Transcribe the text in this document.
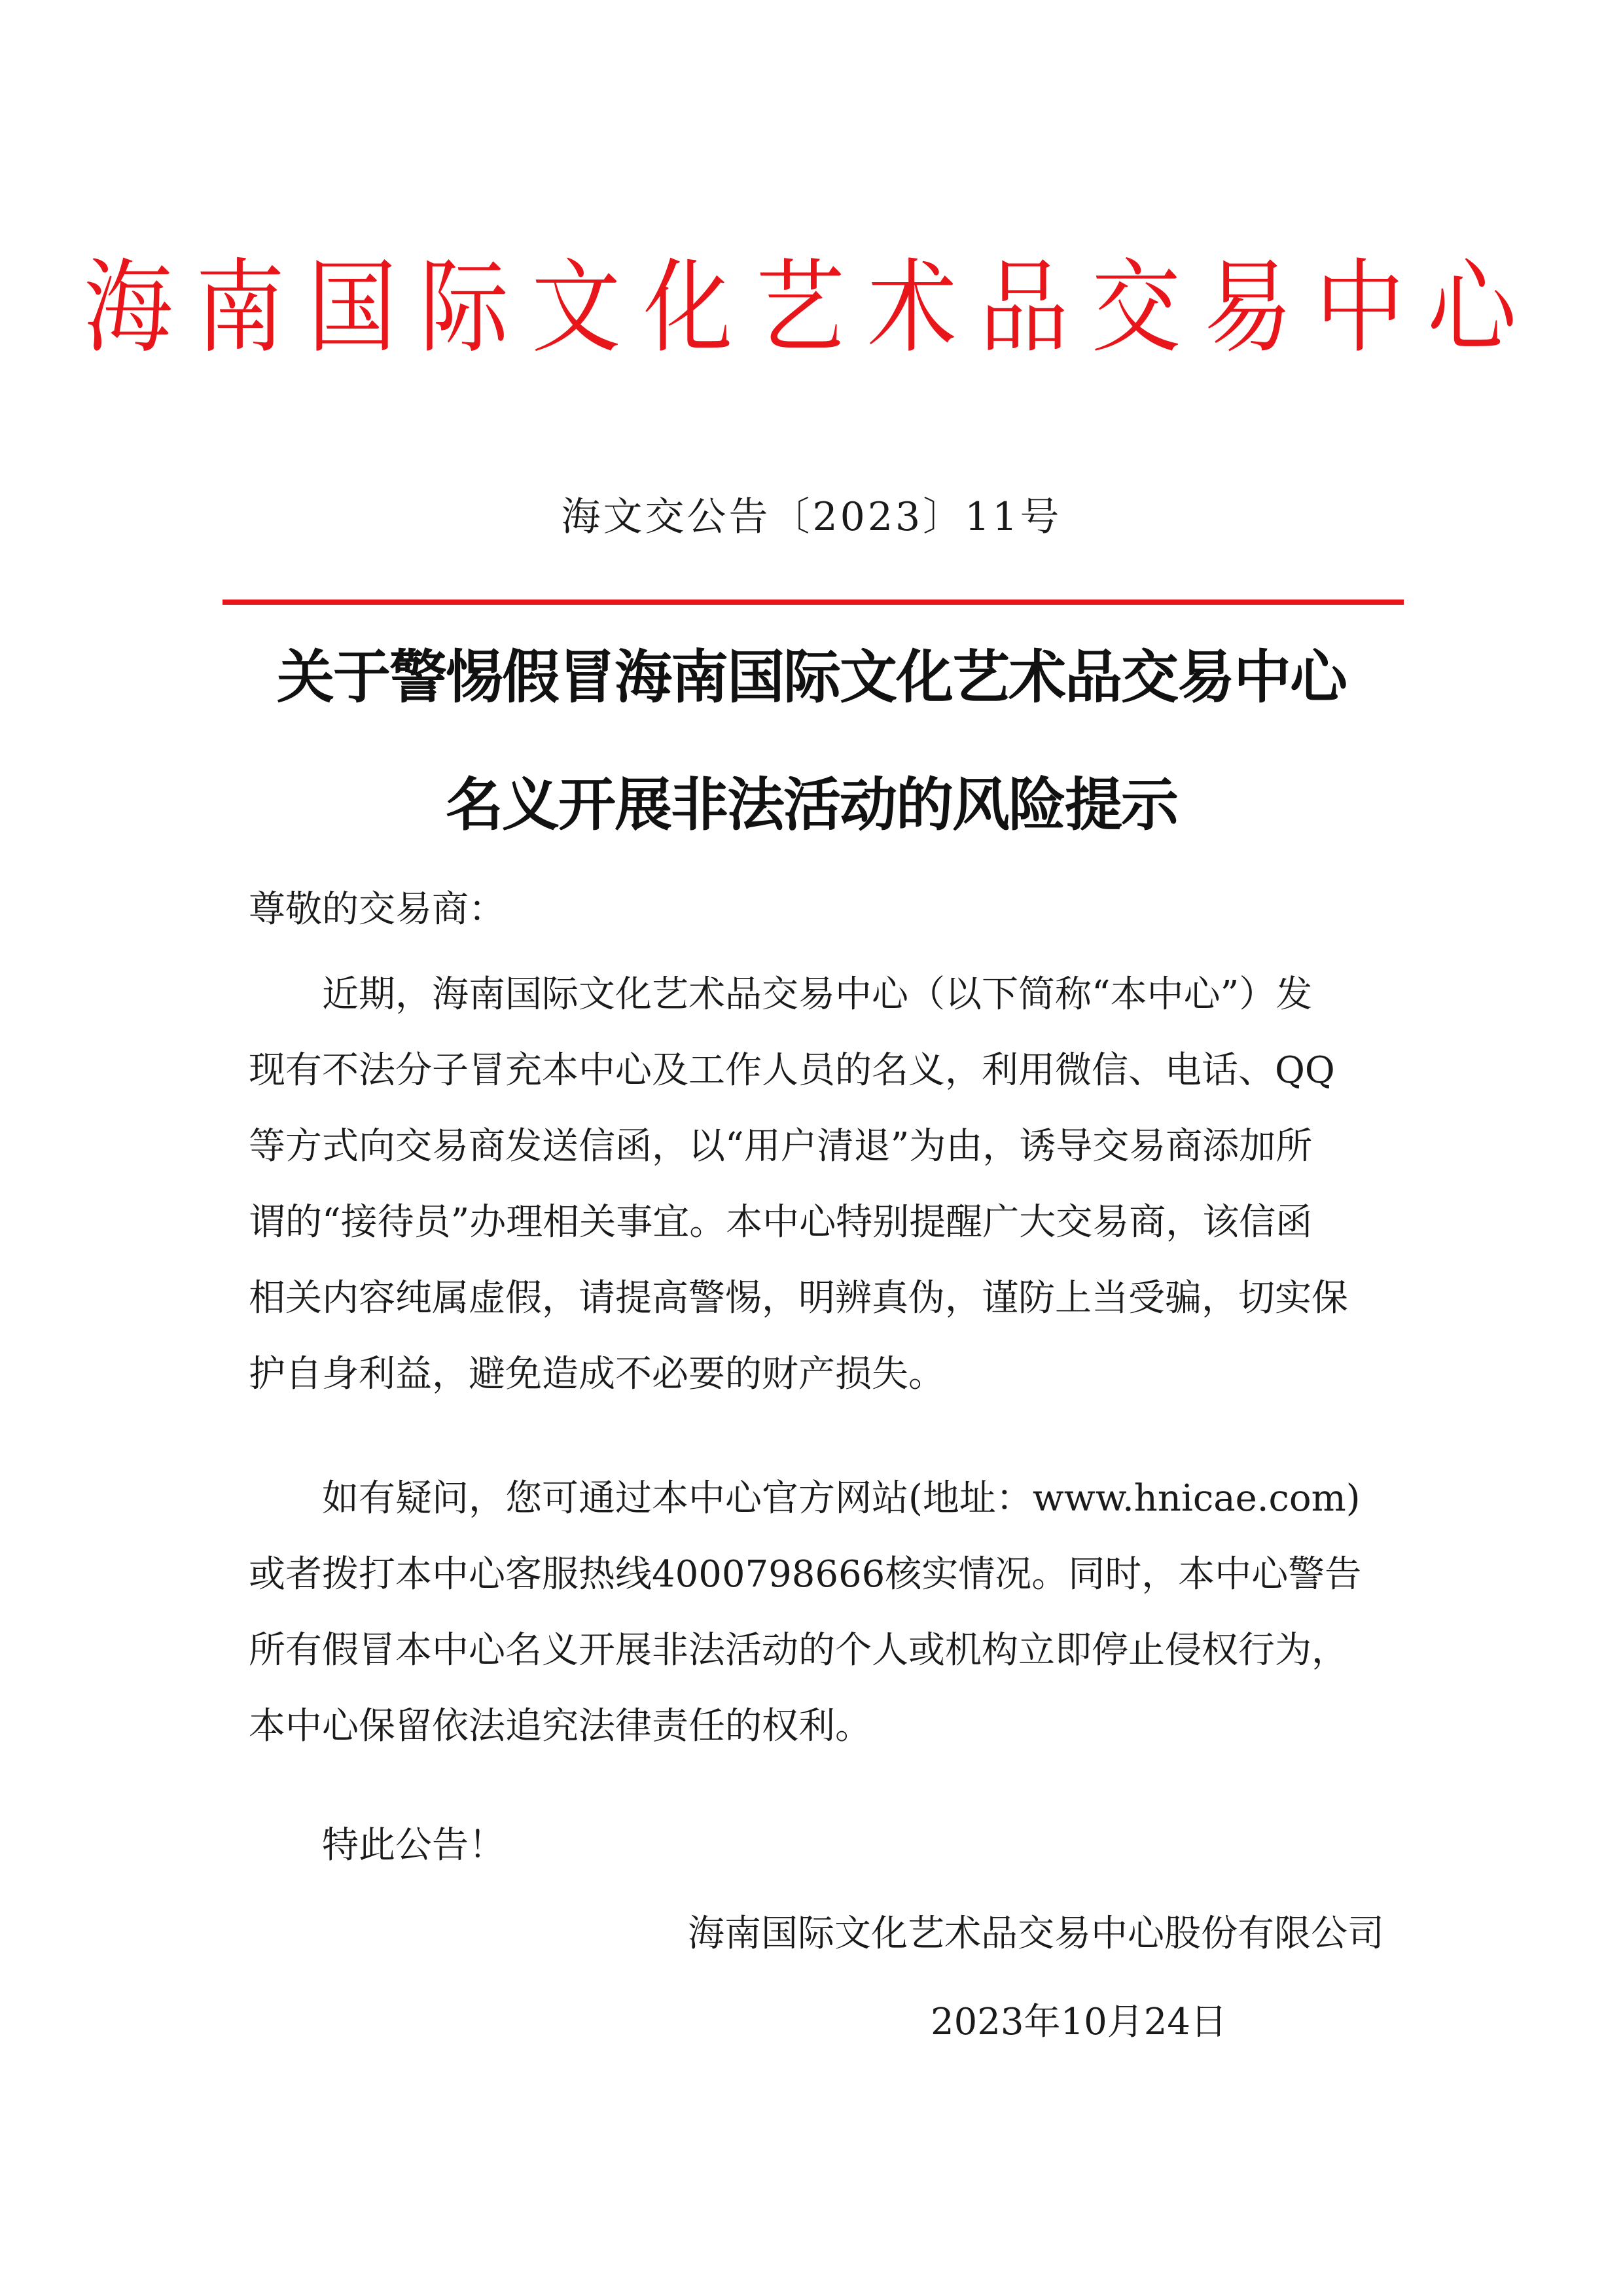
海南国际文化艺术品交易中心
海文交公告〔2023〕11号
关于警惕假冒海南国际文化艺术品交易中心
名义开展非法活动的风险提示
尊敬的交易商：
近期，海南国际文化艺术品交易中心（以下简称“本中心”）发
现有不法分子冒充本中心及工作人员的名义，利用微信、电话、QQ
等方式向交易商发送信函，以“用户清退”为由，诱导交易商添加所
谓的“接待员”办理相关事宜。本中心特别提醒广大交易商，该信函
相关内容纯属虚假，请提高警惕，明辨真伪，谨防上当受骗，切实保
护自身利益，避免造成不必要的财产损失。
如有疑问，您可通过本中心官方网站(地址：www.hnicae.com)
或者拨打本中心客服热线4000798666核实情况。同时，本中心警告
所有假冒本中心名义开展非法活动的个人或机构立即停止侵权行为，
本中心保留依法追究法律责任的权利。
特此公告！
海南国际文化艺术品交易中心股份有限公司
2023年10月24日
